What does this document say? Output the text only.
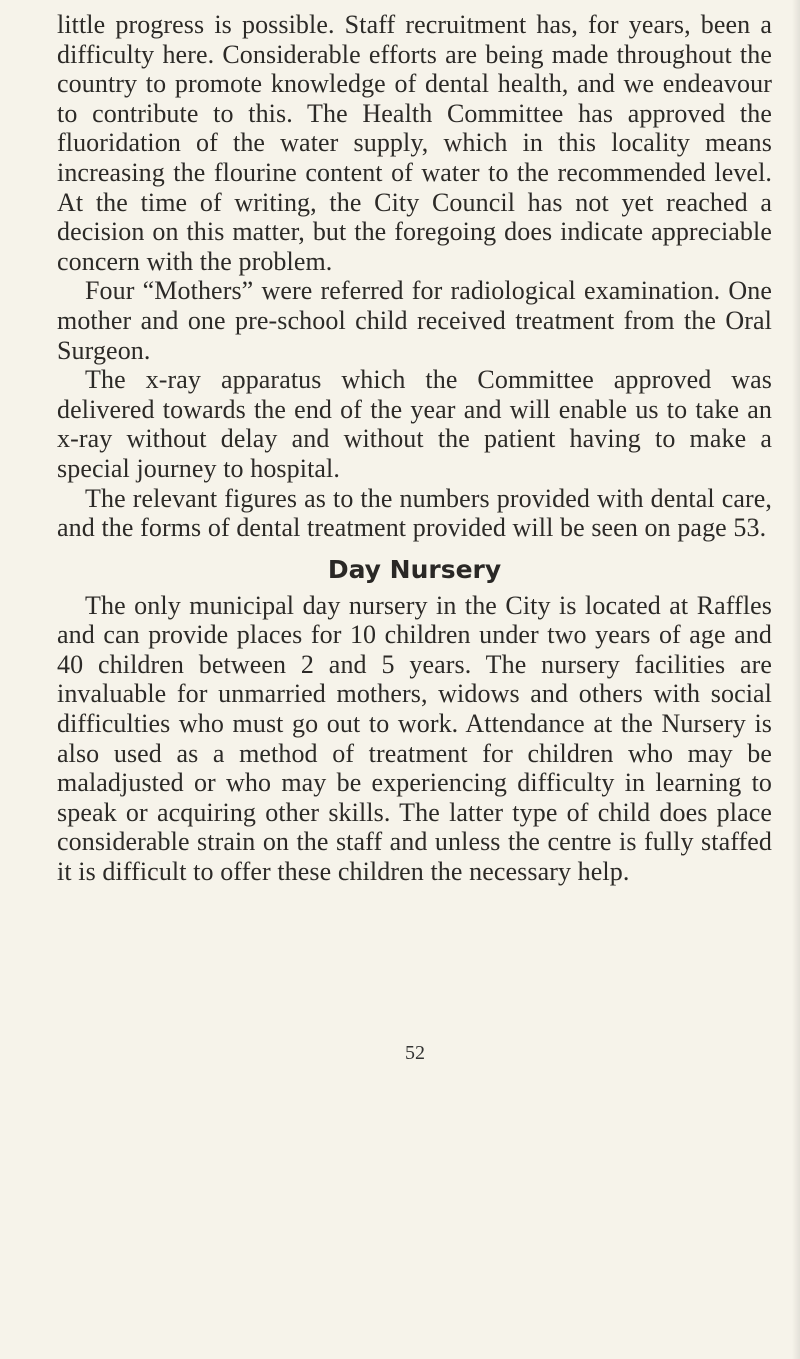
little progress is possible. Staff recruitment has, for years, been a difficulty here. Considerable efforts are being made throughout the country to promote knowledge of dental health, and we endeavour to contribute to this. The Health Committee has approved the fluoridation of the water supply, which in this locality means increasing the flourine content of water to the recommended level. At the time of writing, the City Council has not yet reached a decision on this matter, but the foregoing does indicate appreciable concern with the problem.

Four “Mothers” were referred for radiological examination. One mother and one pre-school child received treatment from the Oral Surgeon.

The x-ray apparatus which the Committee approved was delivered towards the end of the year and will enable us to take an x-ray without delay and without the patient having to make a special journey to hospital.

The relevant figures as to the numbers provided with dental care, and the forms of dental treatment provided will be seen on page 53.

Day Nursery

The only municipal day nursery in the City is located at Raffles and can provide places for 10 children under two years of age and 40 children between 2 and 5 years. The nursery facilities are invaluable for unmarried mothers, widows and others with social difficulties who must go out to work. Attendance at the Nursery is also used as a method of treatment for children who may be maladjusted or who may be experiencing difficulty in learning to speak or acquiring other skills. The latter type of child does place considerable strain on the staff and unless the centre is fully staffed it is difficult to offer these children the necessary help.

52
